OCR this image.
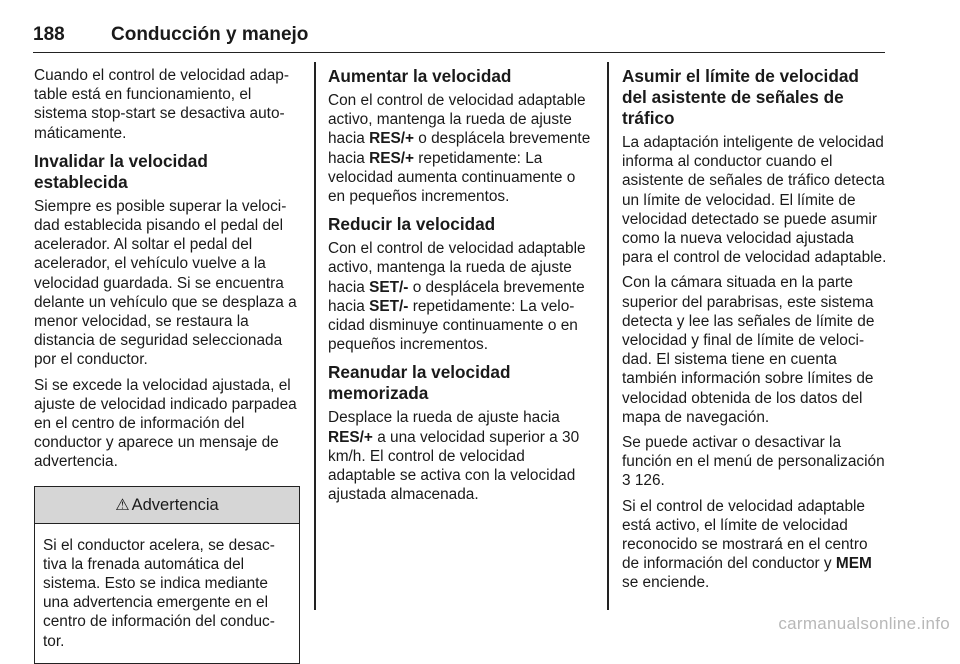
188 Conducción y manejo

Cuando el control de velocidad adaptable está en funcionamiento, el sistema stop-start se desactiva automáticamente.

Invalidar la velocidad establecida

Siempre es posible superar la velocidad establecida pisando el pedal del acelerador. Al soltar el pedal del acelerador, el vehículo vuelve a la velocidad guardada. Si se encuentra delante un vehículo que se desplaza a menor velocidad, se restaura la distancia de seguridad seleccionada por el conductor.

Si se excede la velocidad ajustada, el ajuste de velocidad indicado parpadea en el centro de información del conductor y aparece un mensaje de advertencia.

⚠ Advertencia
Si el conductor acelera, se desactiva la frenada automática del sistema. Esto se indica mediante una advertencia emergente en el centro de información del conductor.
Aumentar la velocidad

Con el control de velocidad adaptable activo, mantenga la rueda de ajuste hacia RES/+ o desplácela brevemente hacia RES/+ repetidamente: La velocidad aumenta continuamente o en pequeños incrementos.

Reducir la velocidad

Con el control de velocidad adaptable activo, mantenga la rueda de ajuste hacia SET/- o desplácela brevemente hacia SET/- repetidamente: La velocidad disminuye continuamente o en pequeños incrementos.

Reanudar la velocidad memorizada

Desplace la rueda de ajuste hacia RES/+ a una velocidad superior a 30 km/h. El control de velocidad adaptable se activa con la velocidad ajustada almacenada.

Asumir el límite de velocidad del asistente de señales de tráfico

La adaptación inteligente de velocidad informa al conductor cuando el asistente de señales de tráfico detecta un límite de velocidad. El límite de velocidad detectado se puede asumir como la nueva velocidad ajustada para el control de velocidad adaptable.

Con la cámara situada en la parte superior del parabrisas, este sistema detecta y lee las señales de límite de velocidad y final de límite de velocidad. El sistema tiene en cuenta también información sobre límites de velocidad obtenida de los datos del mapa de navegación.

Se puede activar o desactivar la función en el menú de personalización 3 126.

Si el control de velocidad adaptable está activo, el límite de velocidad reconocido se mostrará en el centro de información del conductor y MEM se enciende.

carmanualsonline.info
